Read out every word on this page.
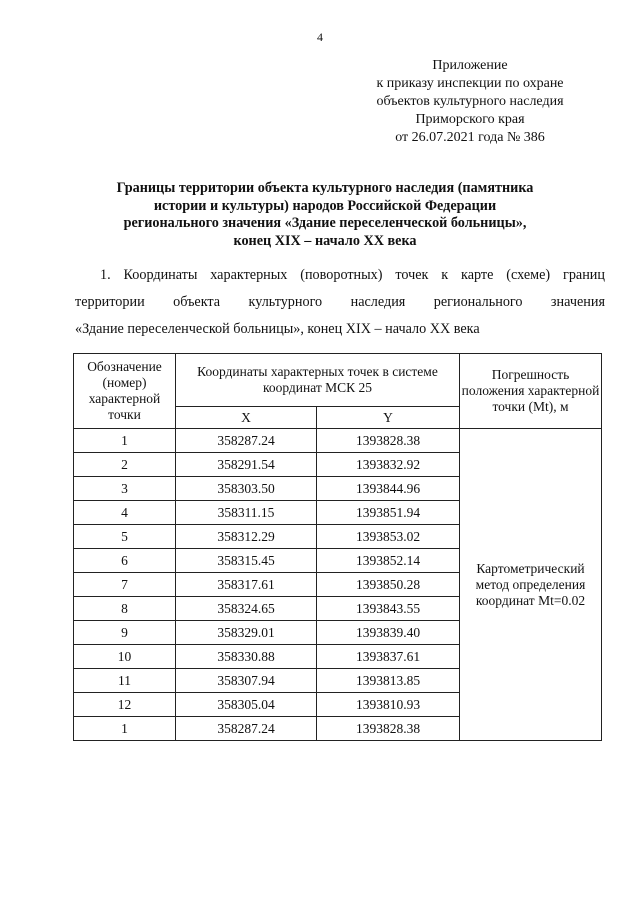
4
Приложение
к приказу инспекции по охране
объектов культурного наследия
Приморского края
от 26.07.2021 года № 386
Границы территории объекта культурного наследия (памятника
истории и культуры) народов Российской Федерации
регионального значения «Здание переселенческой больницы»,
конец XIX – начало XX века
1. Координаты характерных (поворотных) точек к карте (схеме) границ
территории объекта культурного наследия регионального значения
«Здание переселенческой больницы», конец XIX – начало XX века
Обозначение (номер) характерной точки	Координаты характерных точек в системе координат МСК 25		Погрешность положения характерной точки (Mt), м

	X	Y	
1	358287.24	1393828.38	Картометрический метод определения координат Mt=0.02

2	358291.54	1393832.92	
3	358303.50	1393844.96	
4	358311.15	1393851.94	
5	358312.29	1393853.02	
6	358315.45	1393852.14	
7	358317.61	1393850.28	
8	358324.65	1393843.55	
9	358329.01	1393839.40	
10	358330.88	1393837.61	
11	358307.94	1393813.85	
12	358305.04	1393810.93	
1	358287.24	1393828.38	
